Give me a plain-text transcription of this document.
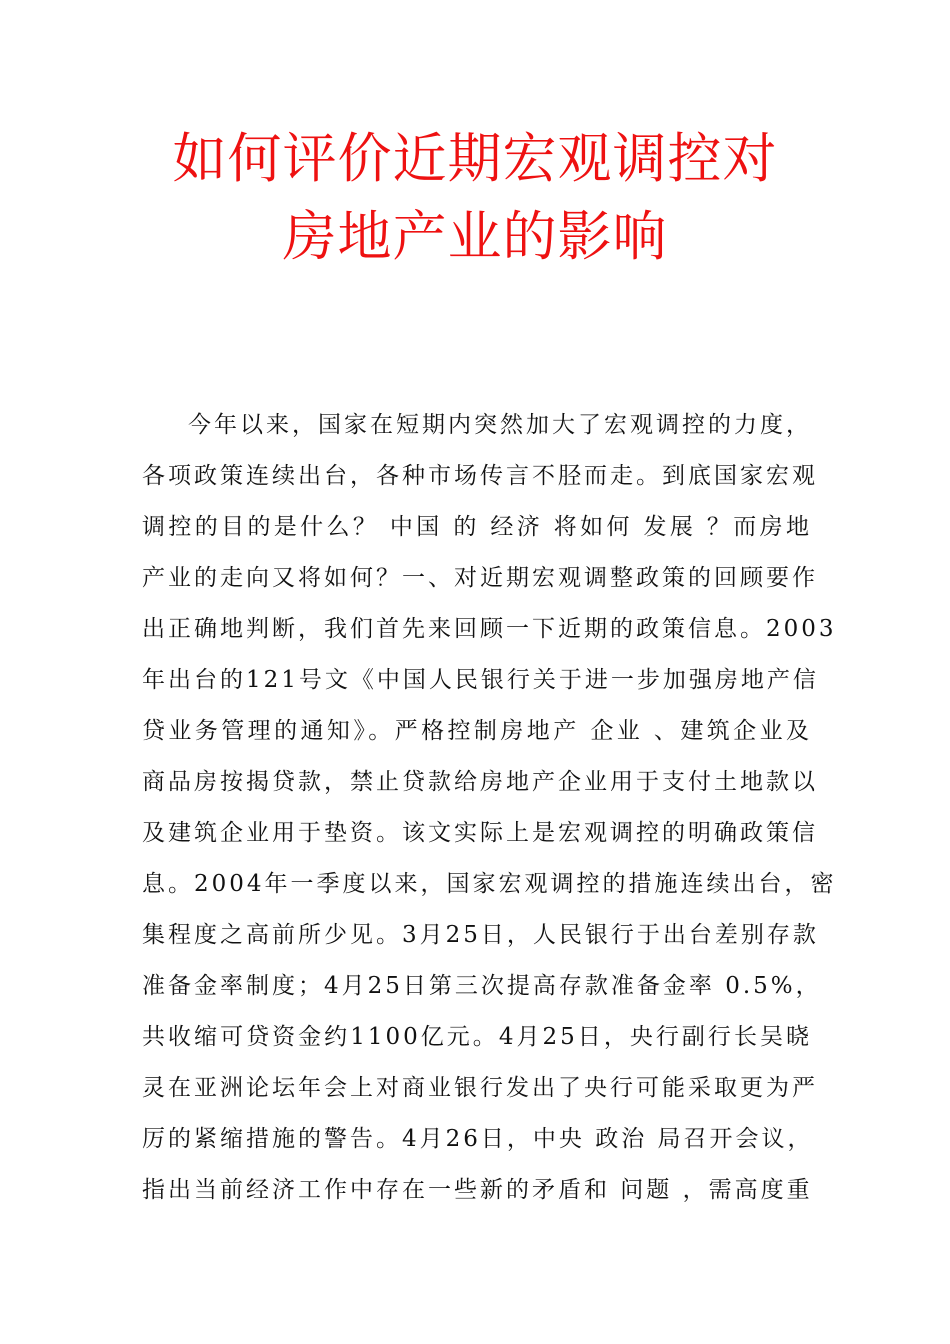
如何评价近期宏观调控对
房地产业的影响
今年以来，国家在短期内突然加大了宏观调控的力度，
各项政策连续出台，各种市场传言不胫而走。到底国家宏观
调控的目的是什么？ 中国 的 经济 将如何 发展 ？而房地
产业的走向又将如何？一、对近期宏观调整政策的回顾要作
出正确地判断，我们首先来回顾一下近期的政策信息。2003
年出台的121号文《中国人民银行关于进一步加强房地产信
贷业务管理的通知》。严格控制房地产 企业 、建筑企业及
商品房按揭贷款，禁止贷款给房地产企业用于支付土地款以
及建筑企业用于垫资。该文实际上是宏观调控的明确政策信
息。2004年一季度以来，国家宏观调控的措施连续出台，密
集程度之高前所少见。3月25日，人民银行于出台差别存款
准备金率制度；4月25日第三次提高存款准备金率 0.5%，
共收缩可贷资金约1100亿元。4月25日，央行副行长吴晓
灵在亚洲论坛年会上对商业银行发出了央行可能采取更为严
厉的紧缩措施的警告。4月26日，中央 政治 局召开会议，
指出当前经济工作中存在一些新的矛盾和 问题 ，需高度重
